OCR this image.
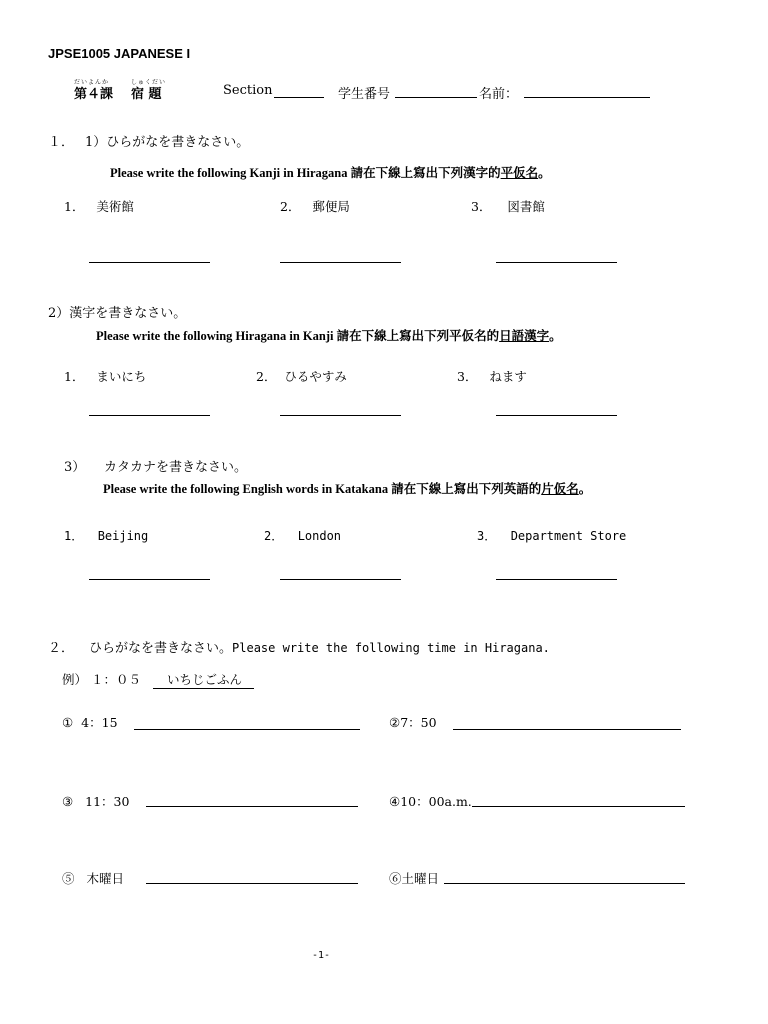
JPSE1005 JAPANESE I
だいよんか	しゅくだい
第４課 宿 題	Section	学生番号	名前：
１． 1）ひらがなを書きなさい。
Please write the following Kanji in Hiragana 請在下線上寫出下列漢字的平仮名。
1． 美術館	2． 郵便局	3． 図書館
2）漢字を書きなさい。
Please write the following Hiragana in Kanji 請在下線上寫出下列平仮名的日語漢字。
1． まいにち	2． ひるやすみ	3． ねます
3） カタカナを書きなさい。
Please write the following English words in Katakana 請在下線上寫出下列英語的片仮名。
1． Beijing	2． London	3． Department Store
２． ひらがなを書きなさい。Please write the following time in Hiragana.
例） １：０５ いちじごふん
① 4：15	②7：50
③ 11：30	④10：00a.m.
⑤ 木曜日	⑥土曜日
-1-
